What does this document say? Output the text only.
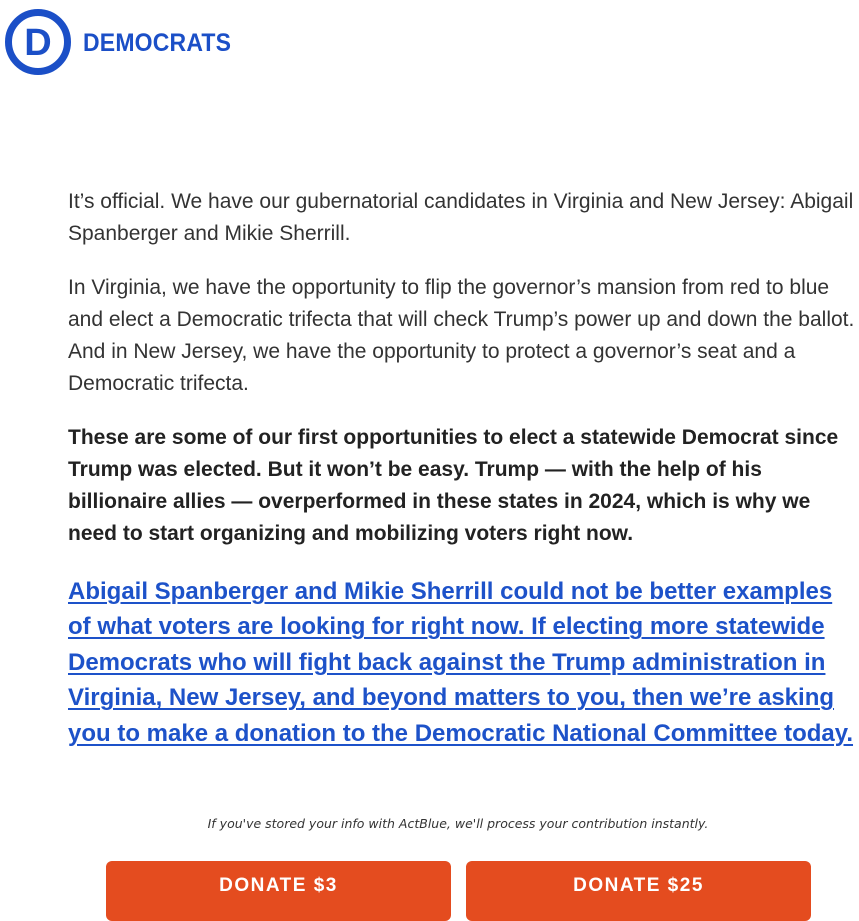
D DEMOCRATS

It’s official. We have our gubernatorial candidates in Virginia and New Jersey: Abigail Spanberger and Mikie Sherrill.

In Virginia, we have the opportunity to flip the governor’s mansion from red to blue and elect a Democratic trifecta that will check Trump’s power up and down the ballot. And in New Jersey, we have the opportunity to protect a governor’s seat and a Democratic trifecta.

These are some of our first opportunities to elect a statewide Democrat since Trump was elected. But it won’t be easy. Trump — with the help of his billionaire allies — overperformed in these states in 2024, which is why we need to start organizing and mobilizing voters right now.

Abigail Spanberger and Mikie Sherrill could not be better examples of what voters are looking for right now. If electing more statewide Democrats who will fight back against the Trump administration in Virginia, New Jersey, and beyond matters to you, then we’re asking you to make a donation to the Democratic National Committee today.
If you've stored your info with ActBlue, we'll process your contribution instantly.
DONATE $3	DONATE $25
